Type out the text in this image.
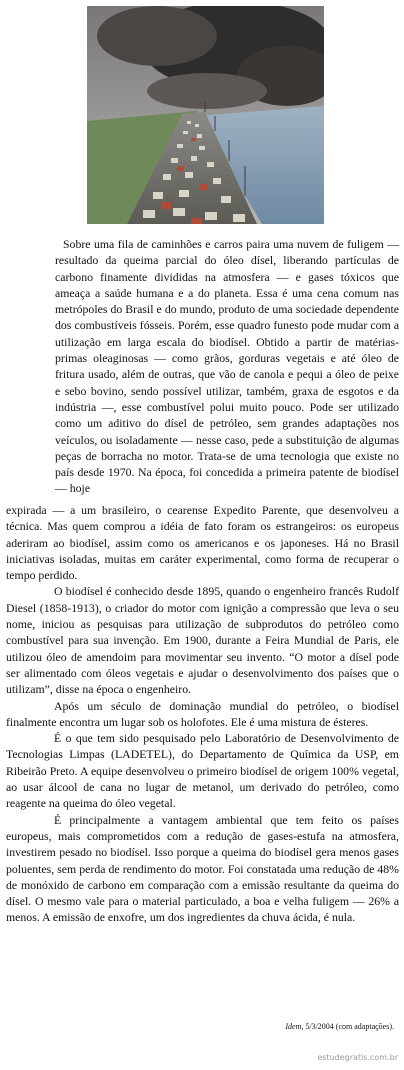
Sobre uma fila de caminhões e carros paira uma nuvem de fuligem — resultado da queima parcial do óleo dísel, liberando partículas de carbono finamente divididas na atmosfera — e gases tóxicos que ameaça a saúde humana e a do planeta. Essa é uma cena comum nas metrópoles do Brasil e do mundo, produto de uma sociedade dependente dos combustíveis fósseis. Porém, esse quadro funesto pode mudar com a utilização em larga escala do biodísel. Obtido a partir de matérias-primas oleaginosas — como grãos, gorduras vegetais e até óleo de fritura usado, além de outras, que vão de canola e pequi a óleo de peixe e sebo bovino, sendo possível utilizar, também, graxa de esgotos e da indústria —, esse combustível polui muito pouco. Pode ser utilizado como um aditivo do dísel de petróleo, sem grandes adaptações nos veículos, ou isoladamente — nesse caso, pede a substituição de algumas peças de borracha no motor. Trata-se de uma tecnologia que existe no país desde 1970. Na época, foi concedida a primeira patente de biodísel — hoje

expirada — a um brasileiro, o cearense Expedito Parente, que desenvolveu a técnica. Mas quem comprou a idéia de fato foram os estrangeiros: os europeus aderiram ao biodísel, assim como os americanos e os japoneses. Há no Brasil iniciativas isoladas, muitas em caráter experimental, como forma de recuperar o tempo perdido.

O biodísel é conhecido desde 1895, quando o engenheiro francês Rudolf Diesel (1858-1913), o criador do motor com ignição a compressão que leva o seu nome, iniciou as pesquisas para utilização de subprodutos do petróleo como combustível para sua invenção. Em 1900, durante a Feira Mundial de Paris, ele utilizou óleo de amendoim para movimentar seu invento. “O motor a dísel pode ser alimentado com óleos vegetais e ajudar o desenvolvimento dos países que o utilizam”, disse na época o engenheiro.

Após um século de dominação mundial do petróleo, o biodísel finalmente encontra um lugar sob os holofotes. Ele é uma mistura de ésteres.

É o que tem sido pesquisado pelo Laboratório de Desenvolvimento de Tecnologias Limpas (LADETEL), do Departamento de Química da USP, em Ribeirão Preto. A equipe desenvolveu o primeiro biodísel de origem 100% vegetal, ao usar álcool de cana no lugar de metanol, um derivado do petróleo, como reagente na queima do óleo vegetal.

É principalmente a vantagem ambiental que tem feito os países europeus, mais comprometidos com a redução de gases-estufa na atmosfera, investirem pesado no biodísel. Isso porque a queima do biodísel gera menos gases poluentes, sem perda de rendimento do motor. Foi constatada uma redução de 48% de monóxido de carbono em comparação com a emissão resultante da queima do dísel. O mesmo vale para o material particulado, a boa e velha fuligem — 26% a menos. A emissão de enxofre, um dos ingredientes da chuva ácida, é nula.

Idem, 5/3/2004 (com adaptações).
estudegratis.com.br
